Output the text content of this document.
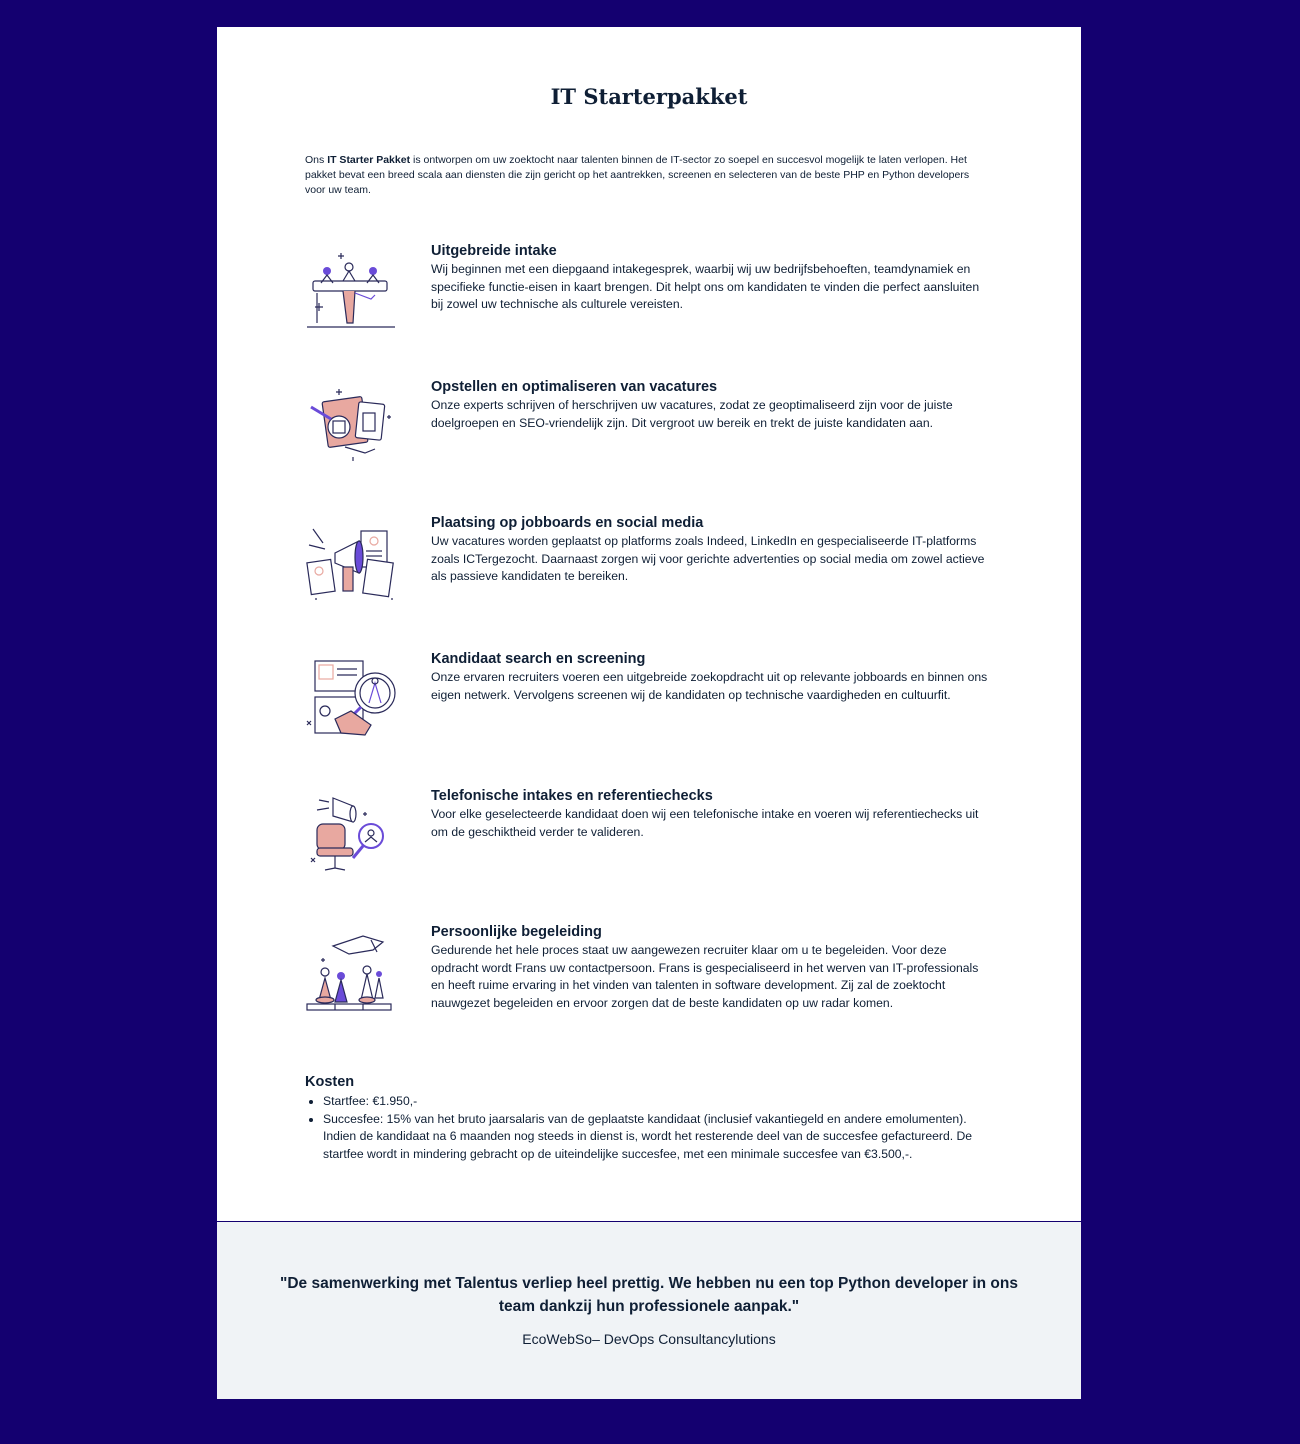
IT Starterpakket

Ons IT Starter Pakket is ontworpen om uw zoektocht naar talenten binnen de IT-sector zo soepel en succesvol mogelijk te laten verlopen. Het pakket bevat een breed scala aan diensten die zijn gericht op het aantrekken, screenen en selecteren van de beste PHP en Python developers voor uw team.

Uitgebreide intake

Wij beginnen met een diepgaand intakegesprek, waarbij wij uw bedrijfsbehoeften, teamdynamiek en specifieke functie-eisen in kaart brengen. Dit helpt ons om kandidaten te vinden die perfect aansluiten bij zowel uw technische als culturele vereisten.

Opstellen en optimaliseren van vacatures

Onze experts schrijven of herschrijven uw vacatures, zodat ze geoptimaliseerd zijn voor de juiste doelgroepen en SEO-vriendelijk zijn. Dit vergroot uw bereik en trekt de juiste kandidaten aan.

Plaatsing op jobboards en social media

Uw vacatures worden geplaatst op platforms zoals Indeed, LinkedIn en gespecialiseerde IT-platforms zoals ICTergezocht. Daarnaast zorgen wij voor gerichte advertenties op social media om zowel actieve als passieve kandidaten te bereiken.

Kandidaat search en screening

Onze ervaren recruiters voeren een uitgebreide zoekopdracht uit op relevante jobboards en binnen ons eigen netwerk. Vervolgens screenen wij de kandidaten op technische vaardigheden en cultuurfit.

Telefonische intakes en referentiechecks

Voor elke geselecteerde kandidaat doen wij een telefonische intake en voeren wij referentiechecks uit om de geschiktheid verder te valideren.

Persoonlijke begeleiding

Gedurende het hele proces staat uw aangewezen recruiter klaar om u te begeleiden. Voor deze opdracht wordt Frans uw contactpersoon. Frans is gespecialiseerd in het werven van IT-professionals en heeft ruime ervaring in het vinden van talenten in software development. Zij zal de zoektocht nauwgezet begeleiden en ervoor zorgen dat de beste kandidaten op uw radar komen.

Kosten
• Startfee: €1.950,-
• Succesfee: 15% van het bruto jaarsalaris van de geplaatste kandidaat (inclusief vakantiegeld en andere emolumenten). Indien de kandidaat na 6 maanden nog steeds in dienst is, wordt het resterende deel van de succesfee gefactureerd. De startfee wordt in mindering gebracht op de uiteindelijke succesfee, met een minimale succesfee van €3.500,-.

"De samenwerking met Talentus verliep heel prettig. We hebben nu een top Python developer in ons team dankzij hun professionele aanpak."

EcoWebSo– DevOps Consultancylutions
